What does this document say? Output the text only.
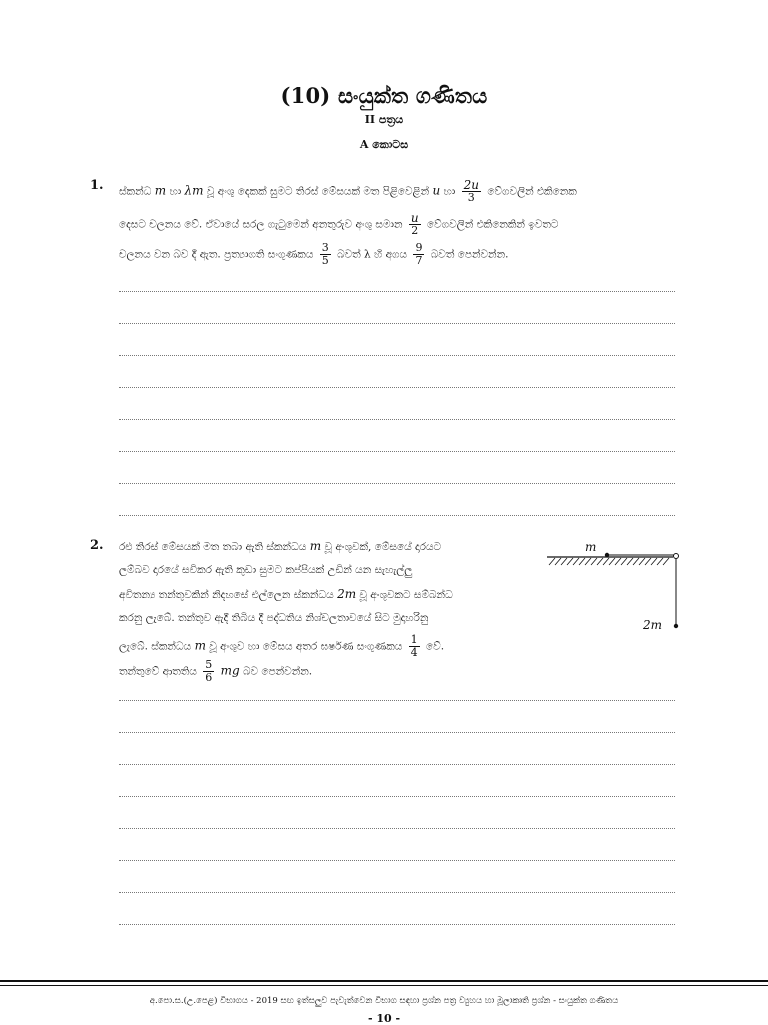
(10) සංයුක්ත ගණිතය
II පත්‍රය
A කොටස
1. ස්කන්ධ m හා λm වූ අංශු දෙකක් සුමට තිරස් මේසයක් මත පිළිවෙළින් u හා $\frac{2u}{3}$ වේගවලින් එකිනෙක
දෙසට චලනය වේ. ඒවායේ සරල ගැටුමෙන් අනතුරුව අංශු සමාන $\frac{u}{2}$ වේගවලින් එකිනෙකින් ඉවතට
චලනය වන බව දී ඇත. ප්‍රත්‍යාගති සංගුණකය $\frac{3}{5}$ බවත් λ හි අගය $\frac{9}{7}$ බවත් පෙන්වන්න.
2. රළු තිරස් මේසයක් මත තබා ඇති ස්කන්ධය m වූ අංශුවක්, මේසයේ දාරයට
ලම්බව දාරයේ සවිකර ඇති කුඩා සුමට කප්පියක් උඩින් යන සැහැල්ලු
අවිතන්‍ය තන්තුවකින් නිදහසේ එල්ලෙන ස්කන්ධය 2m වූ අංශුවකට සම්බන්ධ
කරනු ලැබේ. තන්තුව ඇදී තිබිය දී පද්ධතිය නිශ්චලතාවයේ සිට මුදාහරිනු
ලැබේ. ස්කන්ධය m වූ අංශුව හා මේසය අතර ඝර්ෂණ සංගුණකය $\frac{1}{4}$ වේ.
තන්තුවේ ආතතිය $\frac{5}{6}$ mg බව පෙන්වන්න.
m
2m
අ.පො.ස.(උ.පෙළ) විභාගය - 2019 සඟ ඉත්සලුව පැවැත්වෙන විභාග සඳහා ප්‍රශ්න පත්‍ර ව්‍යුහය හා මූලාකෘති ප්‍රශ්න - සංයුක්ත ගණිතය
- 10 -
